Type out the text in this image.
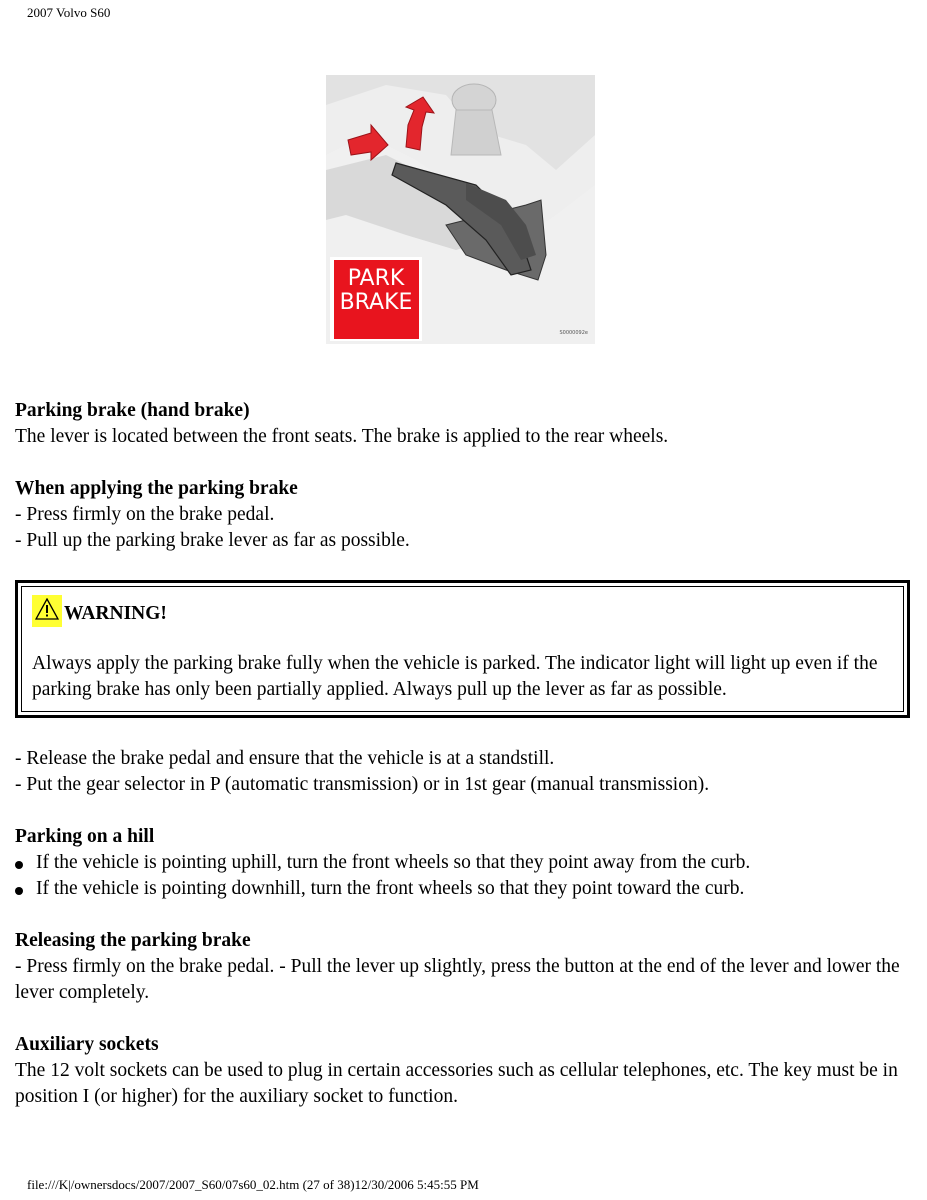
2007 Volvo S60
PARK
BRAKE
S0000092e

Parking brake (hand brake)
The lever is located between the front seats. The brake is applied to the rear wheels.

When applying the parking brake
- Press firmly on the brake pedal.
- Pull up the parking brake lever as far as possible.

WARNING!
Always apply the parking brake fully when the vehicle is parked. The indicator light will light up even if the parking brake has only been partially applied. Always pull up the lever as far as possible.

- Release the brake pedal and ensure that the vehicle is at a standstill.
- Put the gear selector in P (automatic transmission) or in 1st gear (manual transmission).

Parking on a hill
If the vehicle is pointing uphill, turn the front wheels so that they point away from the curb.
If the vehicle is pointing downhill, turn the front wheels so that they point toward the curb.

Releasing the parking brake
- Press firmly on the brake pedal. - Pull the lever up slightly, press the button at the end of the lever and lower the lever completely.

Auxiliary sockets
The 12 volt sockets can be used to plug in certain accessories such as cellular telephones, etc. The key must be in position I (or higher) for the auxiliary socket to function.

file:///K|/ownersdocs/2007/2007_S60/07s60_02.htm (27 of 38)12/30/2006 5:45:55 PM
